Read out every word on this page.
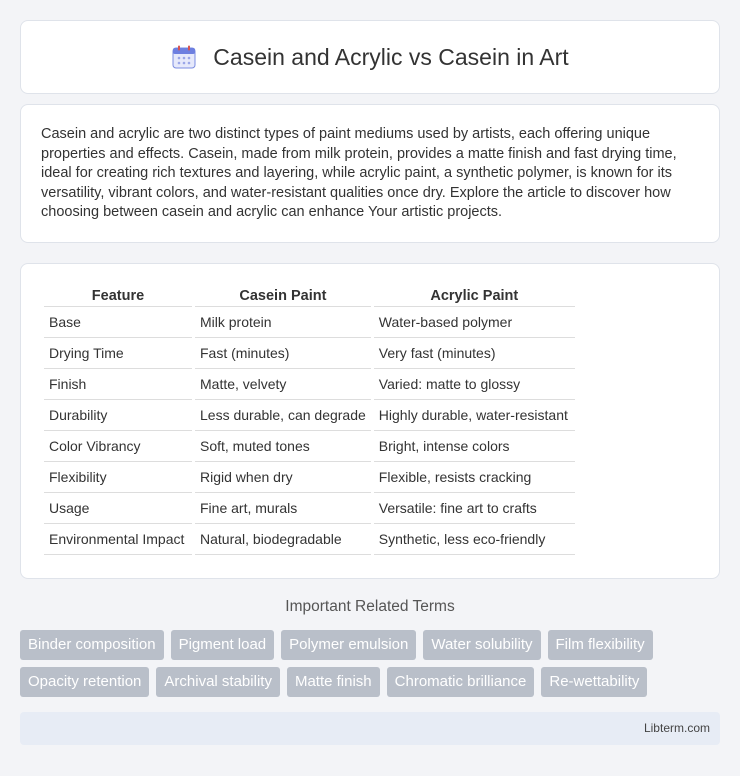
Casein and Acrylic vs Casein in Art

Casein and acrylic are two distinct types of paint mediums used by artists, each offering unique properties and effects. Casein, made from milk protein, provides a matte finish and fast drying time, ideal for creating rich textures and layering, while acrylic paint, a synthetic polymer, is known for its versatility, vibrant colors, and water-resistant qualities once dry. Explore the article to discover how choosing between casein and acrylic can enhance Your artistic projects.

Feature	Casein Paint	Acrylic Paint
Base	Milk protein	Water-based polymer
Drying Time	Fast (minutes)	Very fast (minutes)
Finish	Matte, velvety	Varied: matte to glossy
Durability	Less durable, can degrade	Highly durable, water-resistant
Color Vibrancy	Soft, muted tones	Bright, intense colors
Flexibility	Rigid when dry	Flexible, resists cracking
Usage	Fine art, murals	Versatile: fine art to crafts
Environmental Impact	Natural, biodegradable	Synthetic, less eco-friendly
Important Related Terms
Binder composition	Pigment load	Polymer emulsion	Water solubility	Film flexibility
Opacity retention	Archival stability	Matte finish	Chromatic brilliance	Re-wettability
Libterm.com
